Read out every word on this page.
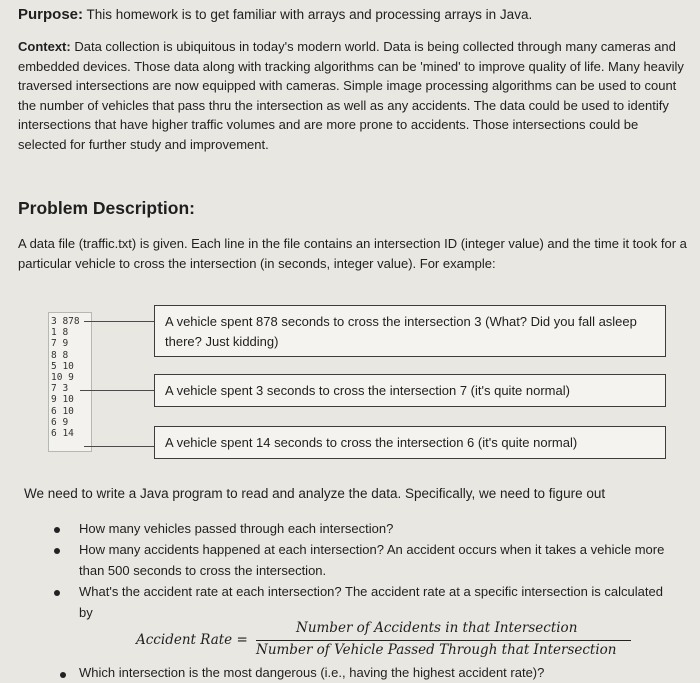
Purpose: This homework is to get familiar with arrays and processing arrays in Java.
Context: Data collection is ubiquitous in today's modern world. Data is being collected through many cameras and embedded devices. Those data along with tracking algorithms can be 'mined' to improve quality of life. Many heavily traversed intersections are now equipped with cameras. Simple image processing algorithms can be used to count the number of vehicles that pass thru the intersection as well as any accidents. The data could be used to identify intersections that have higher traffic volumes and are more prone to accidents. Those intersections could be selected for further study and improvement.
Problem Description:
A data file (traffic.txt) is given. Each line in the file contains an intersection ID (integer value) and the time it took for a particular vehicle to cross the intersection (in seconds, integer value). For example:
3 878
1 8
7 9
8 8
5 10
10 9
7 3
9 10
6 10
6 9
6 14
A vehicle spent 878 seconds to cross the intersection 3 (What? Did you fall asleep there? Just kidding)
A vehicle spent 3 seconds to cross the intersection 7 (it's quite normal)
A vehicle spent 14 seconds to cross the intersection 6 (it's quite normal)
We need to write a Java program to read and analyze the data. Specifically, we need to figure out
How many vehicles passed through each intersection?
How many accidents happened at each intersection? An accident occurs when it takes a vehicle more than 500 seconds to cross the intersection.
What's the accident rate at each intersection? The accident rate at a specific intersection is calculated by
Accident Rate =
Number of Accidents in that Intersection
Number of Vehicle Passed Through that Intersection
Which intersection is the most dangerous (i.e., having the highest accident rate)?
